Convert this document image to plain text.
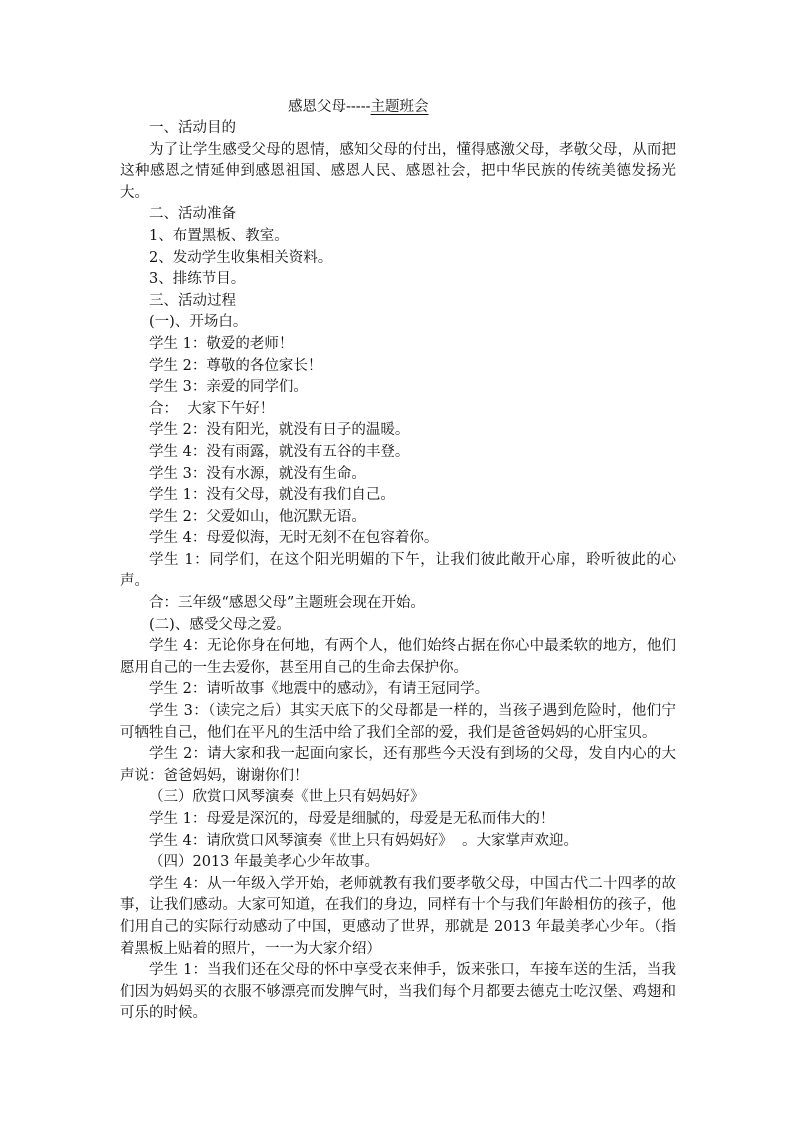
感恩父母-----主题班会

一、活动目的

为了让学生感受父母的恩情，感知父母的付出，懂得感激父母，孝敬父母，从而把这种感恩之情延伸到感恩祖国、感恩人民、感恩社会，把中华民族的传统美德发扬光大。

二、活动准备

1、布置黑板、教室。

2、发动学生收集相关资料。

3、排练节目。

三、活动过程

(一)、开场白。

学生 1：敬爱的老师！

学生 2：尊敬的各位家长！

学生 3：亲爱的同学们。

合：  大家下午好！

学生 2：没有阳光，就没有日子的温暖。

学生 4：没有雨露，就没有五谷的丰登。

学生 3：没有水源，就没有生命。

学生 1：没有父母，就没有我们自己。

学生 2：父爱如山，他沉默无语。

学生 4：母爱似海，无时无刻不在包容着你。

学生 1：同学们，在这个阳光明媚的下午，让我们彼此敞开心扉，聆听彼此的心声。

合：三年级“感恩父母”主题班会现在开始。

(二)、感受父母之爱。

学生 4：无论你身在何地，有两个人，他们始终占据在你心中最柔软的地方，他们愿用自己的一生去爱你，甚至用自己的生命去保护你。

学生 2：请听故事《地震中的感动》，有请王冠同学。

学生 3：（读完之后）其实天底下的父母都是一样的，当孩子遇到危险时，他们宁可牺牲自己，他们在平凡的生活中给了我们全部的爱，我们是爸爸妈妈的心肝宝贝。

学生 2：请大家和我一起面向家长，还有那些今天没有到场的父母，发自内心的大声说：爸爸妈妈，谢谢你们！

（三）欣赏口风琴演奏《世上只有妈妈好》

学生 1：母爱是深沉的，母爱是细腻的，母爱是无私而伟大的！

学生 4：请欣赏口风琴演奏《世上只有妈妈好》  。大家掌声欢迎。

（四）2013 年最美孝心少年故事。

学生 4：从一年级入学开始，老师就教有我们要孝敬父母，中国古代二十四孝的故事，让我们感动。大家可知道，在我们的身边，同样有十个与我们年龄相仿的孩子，他们用自己的实际行动感动了中国，更感动了世界，那就是 2013 年最美孝心少年。（指着黑板上贴着的照片，一一为大家介绍）

学生 1：当我们还在父母的怀中享受衣来伸手，饭来张口，车接车送的生活，当我们因为妈妈买的衣服不够漂亮而发脾气时，当我们每个月都要去德克士吃汉堡、鸡翅和可乐的时候。
